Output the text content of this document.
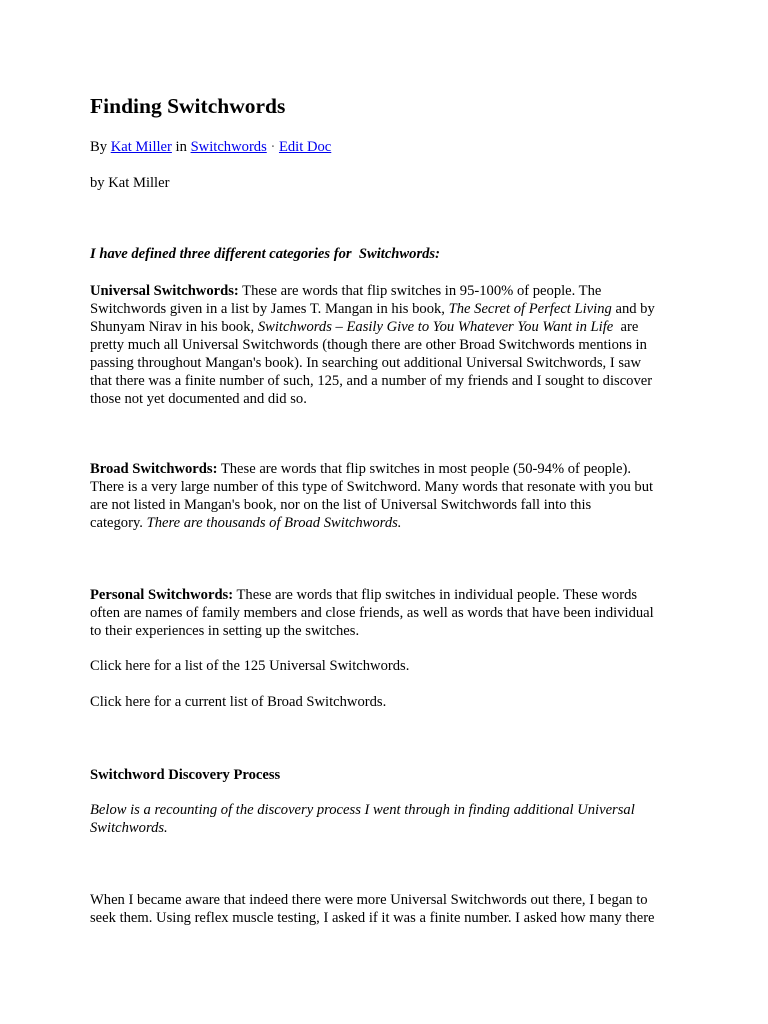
Finding Switchwords

By Kat Miller in Switchwords · Edit Doc

by Kat Miller

I have defined three different categories for  Switchwords:

Universal Switchwords: These are words that flip switches in 95-100% of people. The
Switchwords given in a list by James T. Mangan in his book, The Secret of Perfect Living and by
Shunyam Nirav in his book, Switchwords – Easily Give to You Whatever You Want in Life  are
pretty much all Universal Switchwords (though there are other Broad Switchwords mentions in
passing throughout Mangan's book). In searching out additional Universal Switchwords, I saw
that there was a finite number of such, 125, and a number of my friends and I sought to discover
those not yet documented and did so.
Broad Switchwords: These are words that flip switches in most people (50-94% of people).
There is a very large number of this type of Switchword. Many words that resonate with you but
are not listed in Mangan's book, nor on the list of Universal Switchwords fall into this
category. There are thousands of Broad Switchwords.
Personal Switchwords: These are words that flip switches in individual people. These words
often are names of family members and close friends, as well as words that have been individual
to their experiences in setting up the switches.

Click here for a list of the 125 Universal Switchwords.

Click here for a current list of Broad Switchwords.

Switchword Discovery Process

Below is a recounting of the discovery process I went through in finding additional Universal
Switchwords.
When I became aware that indeed there were more Universal Switchwords out there, I began to
seek them. Using reflex muscle testing, I asked if it was a finite number. I asked how many there
